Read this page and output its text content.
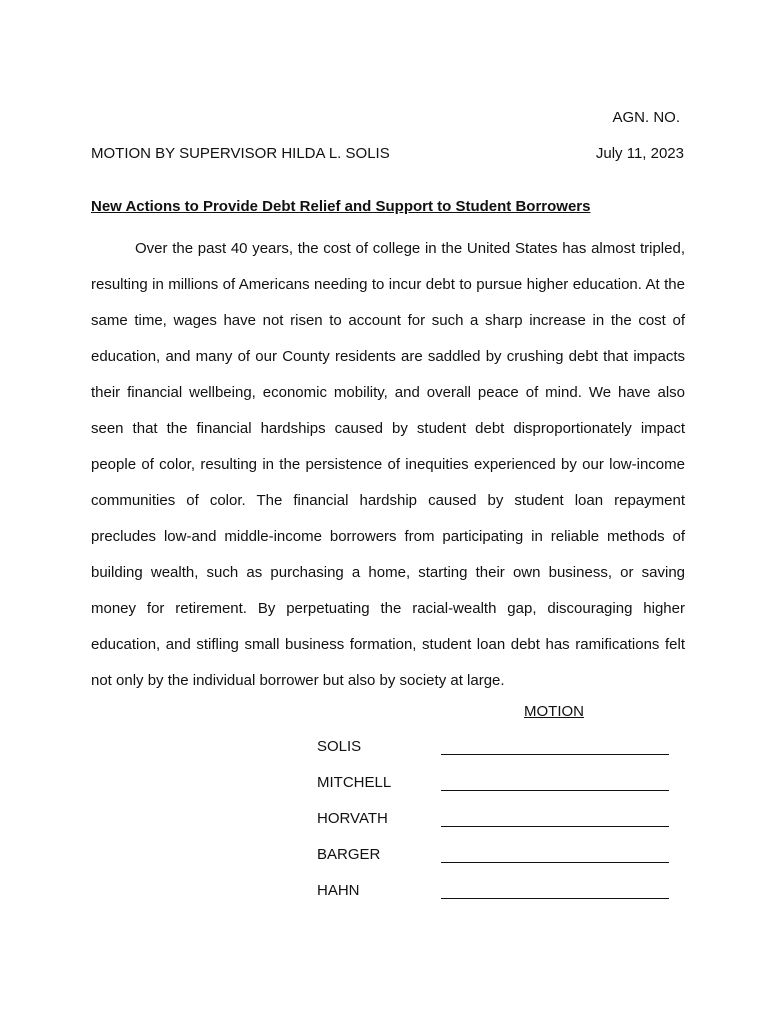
AGN. NO.
MOTION BY SUPERVISOR HILDA L. SOLIS	July 11, 2023
New Actions to Provide Debt Relief and Support to Student Borrowers

Over the past 40 years, the cost of college in the United States has almost tripled, resulting in millions of Americans needing to incur debt to pursue higher education. At the same time, wages have not risen to account for such a sharp increase in the cost of education, and many of our County residents are saddled by crushing debt that impacts their financial wellbeing, economic mobility, and overall peace of mind. We have also seen that the financial hardships caused by student debt disproportionately impact people of color, resulting in the persistence of inequities experienced by our low-income communities of color. The financial hardship caused by student loan repayment precludes low-and middle-income borrowers from participating in reliable methods of building wealth, such as purchasing a home, starting their own business, or saving money for retirement. By perpetuating the racial-wealth gap, discouraging higher education, and stifling small business formation, student loan debt has ramifications felt not only by the individual borrower but also by society at large.

MOTION
SOLIS
MITCHELL
HORVATH
BARGER
HAHN
